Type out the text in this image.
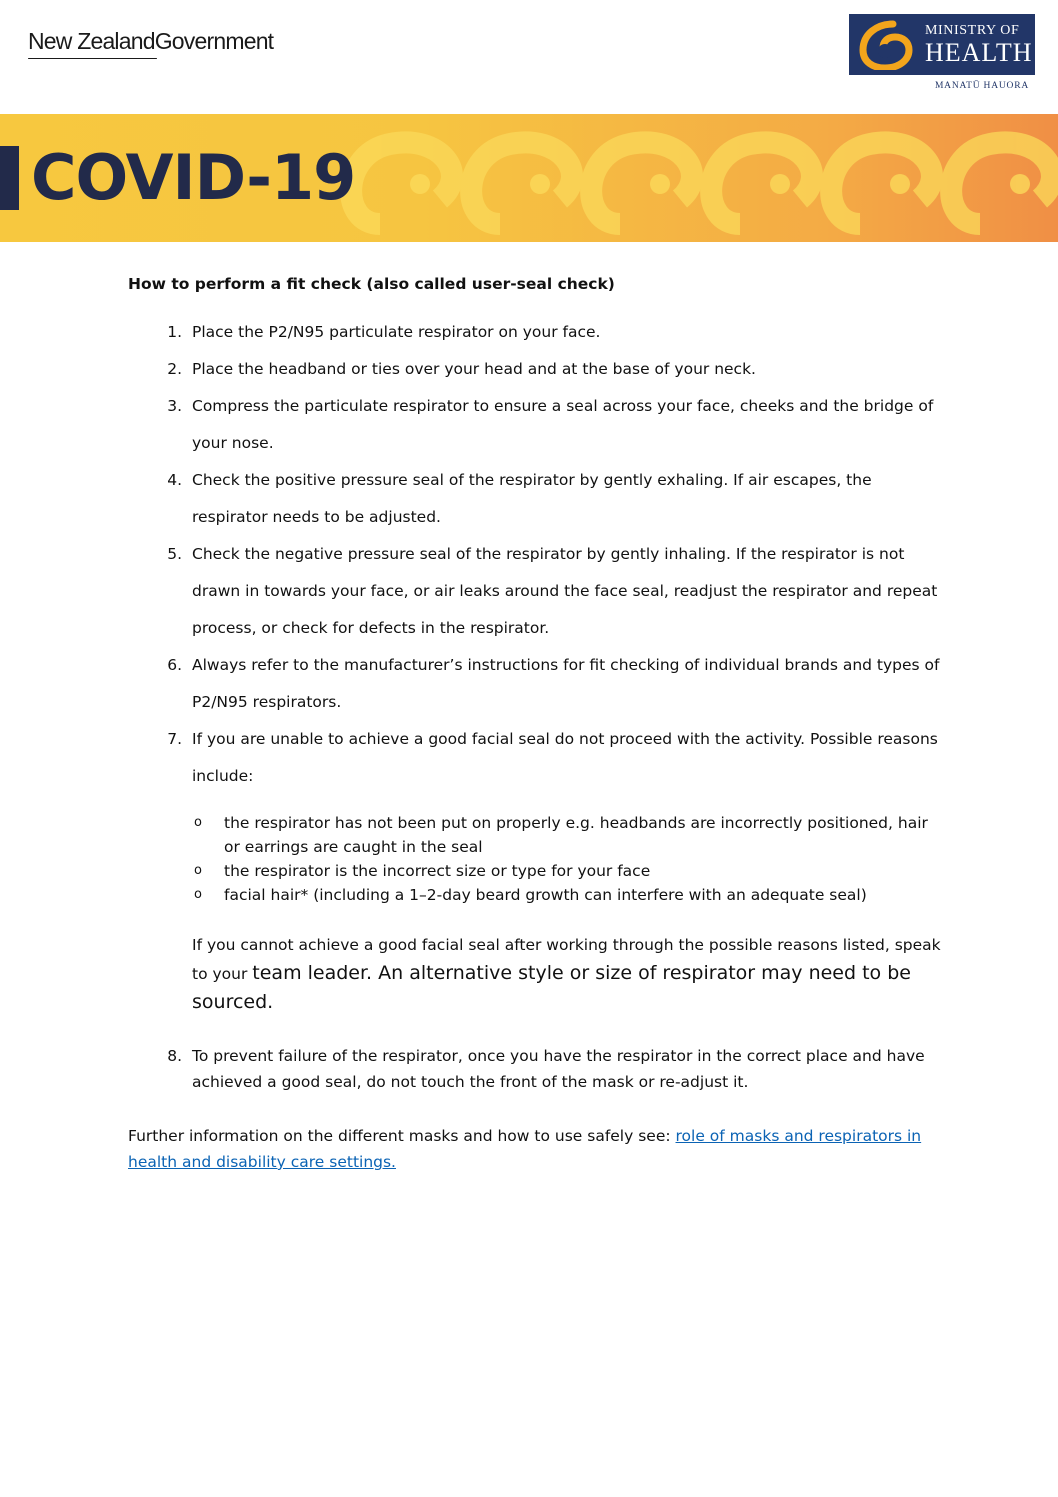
New ZealandGovernment	MINISTRY OF
HEALTH
MANATŪ HAUORA
COVID-19

How to perform a fit check (also called user-seal check)

1. Place the P2/N95 particulate respirator on your face.
2. Place the headband or ties over your head and at the base of your neck.
3. Compress the particulate respirator to ensure a seal across your face, cheeks and the bridge of your nose.
4. Check the positive pressure seal of the respirator by gently exhaling. If air escapes, the respirator needs to be adjusted.
5. Check the negative pressure seal of the respirator by gently inhaling. If the respirator is not drawn in towards your face, or air leaks around the face seal, readjust the respirator and repeat process, or check for defects in the respirator.
6. Always refer to the manufacturer’s instructions for fit checking of individual brands and types of P2/N95 respirators.
7. If you are unable to achieve a good facial seal do not proceed with the activity. Possible reasons include:
o the respirator has not been put on properly e.g. headbands are incorrectly positioned, hair or earrings are caught in the seal
o the respirator is the incorrect size or type for your face
o facial hair* (including a 1–2-day beard growth can interfere with an adequate seal)

If you cannot achieve a good facial seal after working through the possible reasons listed, speak to your team leader. An alternative style or size of respirator may need to be sourced.

8. To prevent failure of the respirator, once you have the respirator in the correct place and have achieved a good seal, do not touch the front of the mask or re-adjust it.

Further information on the different masks and how to use safely see: role of masks and respirators in health and disability care settings.
